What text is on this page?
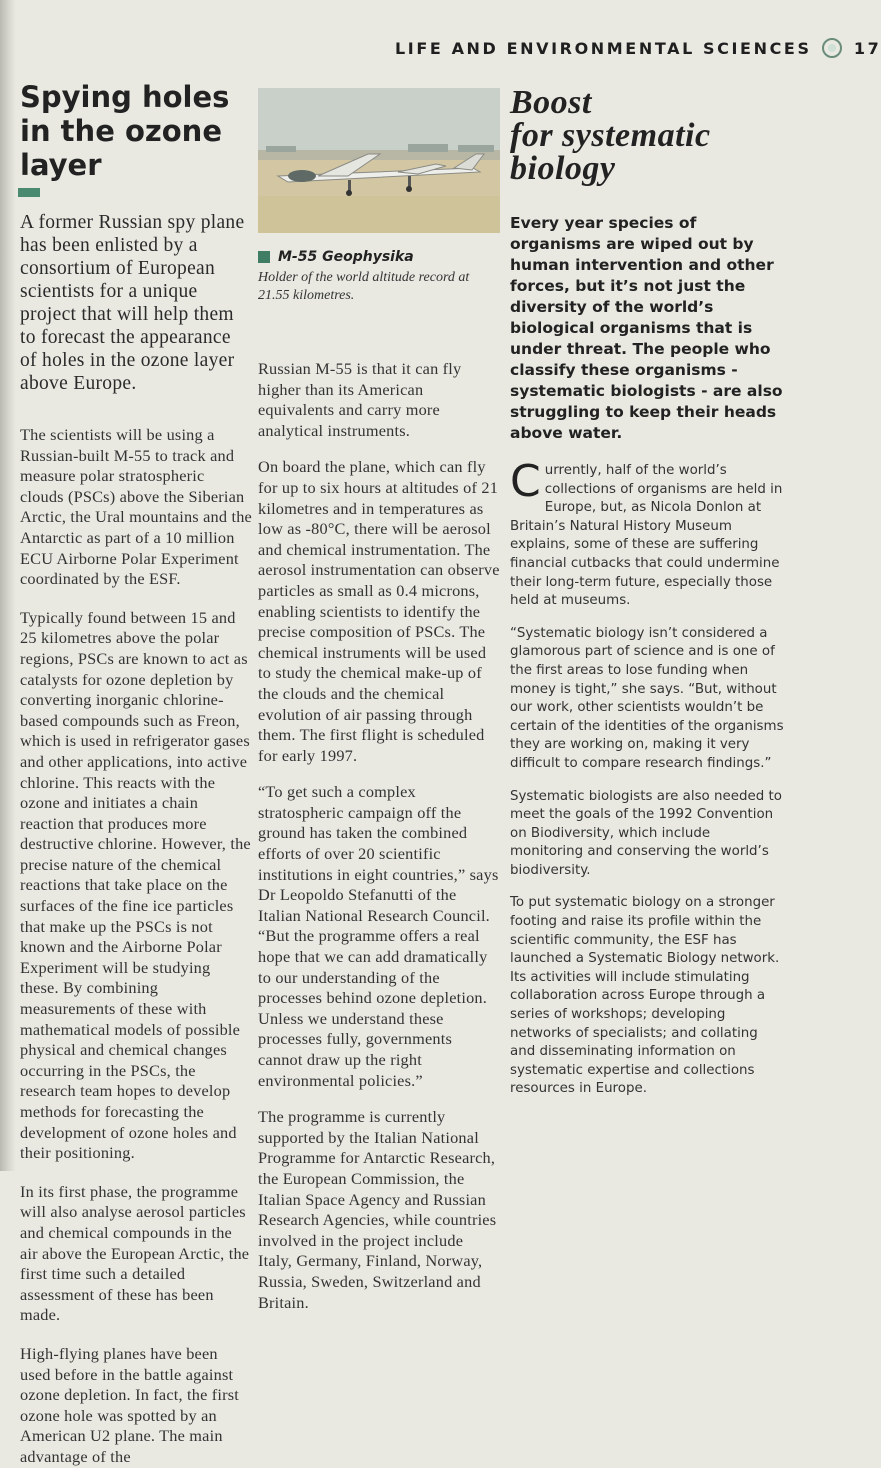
LIFE AND ENVIRONMENTAL SCIENCES	17
Spying holes in the ozone layer

A former Russian spy plane has been enlisted by a consortium of European scientists for a unique project that will help them to forecast the appearance of holes in the ozone layer above Europe.

The scientists will be using a Russian-built M-55 to track and measure polar stratospheric clouds (PSCs) above the Siberian Arctic, the Ural mountains and the Antarctic as part of a 10 million ECU Airborne Polar Experiment coordinated by the ESF.

Typically found between 15 and 25 kilometres above the polar regions, PSCs are known to act as catalysts for ozone depletion by converting inorganic chlorine-based compounds such as Freon, which is used in refrigerator gases and other applications, into active chlorine. This reacts with the ozone and initiates a chain reaction that produces more destructive chlorine. However, the precise nature of the chemical reactions that take place on the surfaces of the fine ice particles that make up the PSCs is not known and the Airborne Polar Experiment will be studying these. By combining measurements of these with mathematical models of possible physical and chemical changes occurring in the PSCs, the research team hopes to develop methods for forecasting the development of ozone holes and their positioning.

In its first phase, the programme will also analyse aerosol particles and chemical compounds in the air above the European Arctic, the first time such a detailed assessment of these has been made.

High-flying planes have been used before in the battle against ozone depletion. In fact, the first ozone hole was spotted by an American U2 plane. The main advantage of the

M-55 Geophysika

Holder of the world altitude record at 21.55 kilometres.

Russian M-55 is that it can fly higher than its American equivalents and carry more analytical instruments.

On board the plane, which can fly for up to six hours at altitudes of 21 kilometres and in temperatures as low as -80°C, there will be aerosol and chemical instrumentation. The aerosol instrumentation can observe particles as small as 0.4 microns, enabling scientists to identify the precise composition of PSCs. The chemical instruments will be used to study the chemical make-up of the clouds and the chemical evolution of air passing through them. The first flight is scheduled for early 1997.

“To get such a complex stratospheric campaign off the ground has taken the combined efforts of over 20 scientific institutions in eight countries,” says Dr Leopoldo Stefanutti of the Italian National Research Council. “But the programme offers a real hope that we can add dramatically to our understanding of the processes behind ozone depletion. Unless we understand these processes fully, governments cannot draw up the right environmental policies.”

The programme is currently supported by the Italian National Programme for Antarctic Research, the European Commission, the Italian Space Agency and Russian Research Agencies, while countries involved in the project include Italy, Germany, Finland, Norway, Russia, Sweden, Switzerland and Britain.

Boost
for systematic
biology

Every year species of organisms are wiped out by human intervention and other forces, but it’s not just the diversity of the world’s biological organisms that is under threat. The people who classify these organisms - systematic biologists - are also struggling to keep their heads above water.

Currently, half of the world’s collections of organisms are held in Europe, but, as Nicola Donlon at Britain’s Natural History Museum explains, some of these are suffering financial cutbacks that could undermine their long-term future, especially those held at museums.

“Systematic biology isn’t considered a glamorous part of science and is one of the first areas to lose funding when money is tight,” she says. “But, without our work, other scientists wouldn’t be certain of the identities of the organisms they are working on, making it very difficult to compare research findings.”

Systematic biologists are also needed to meet the goals of the 1992 Convention on Biodiversity, which include monitoring and conserving the world’s biodiversity.

To put systematic biology on a stronger footing and raise its profile within the scientific community, the ESF has launched a Systematic Biology network. Its activities will include stimulating collaboration across Europe through a series of workshops; developing networks of specialists; and collating and disseminating information on systematic expertise and collections resources in Europe.
